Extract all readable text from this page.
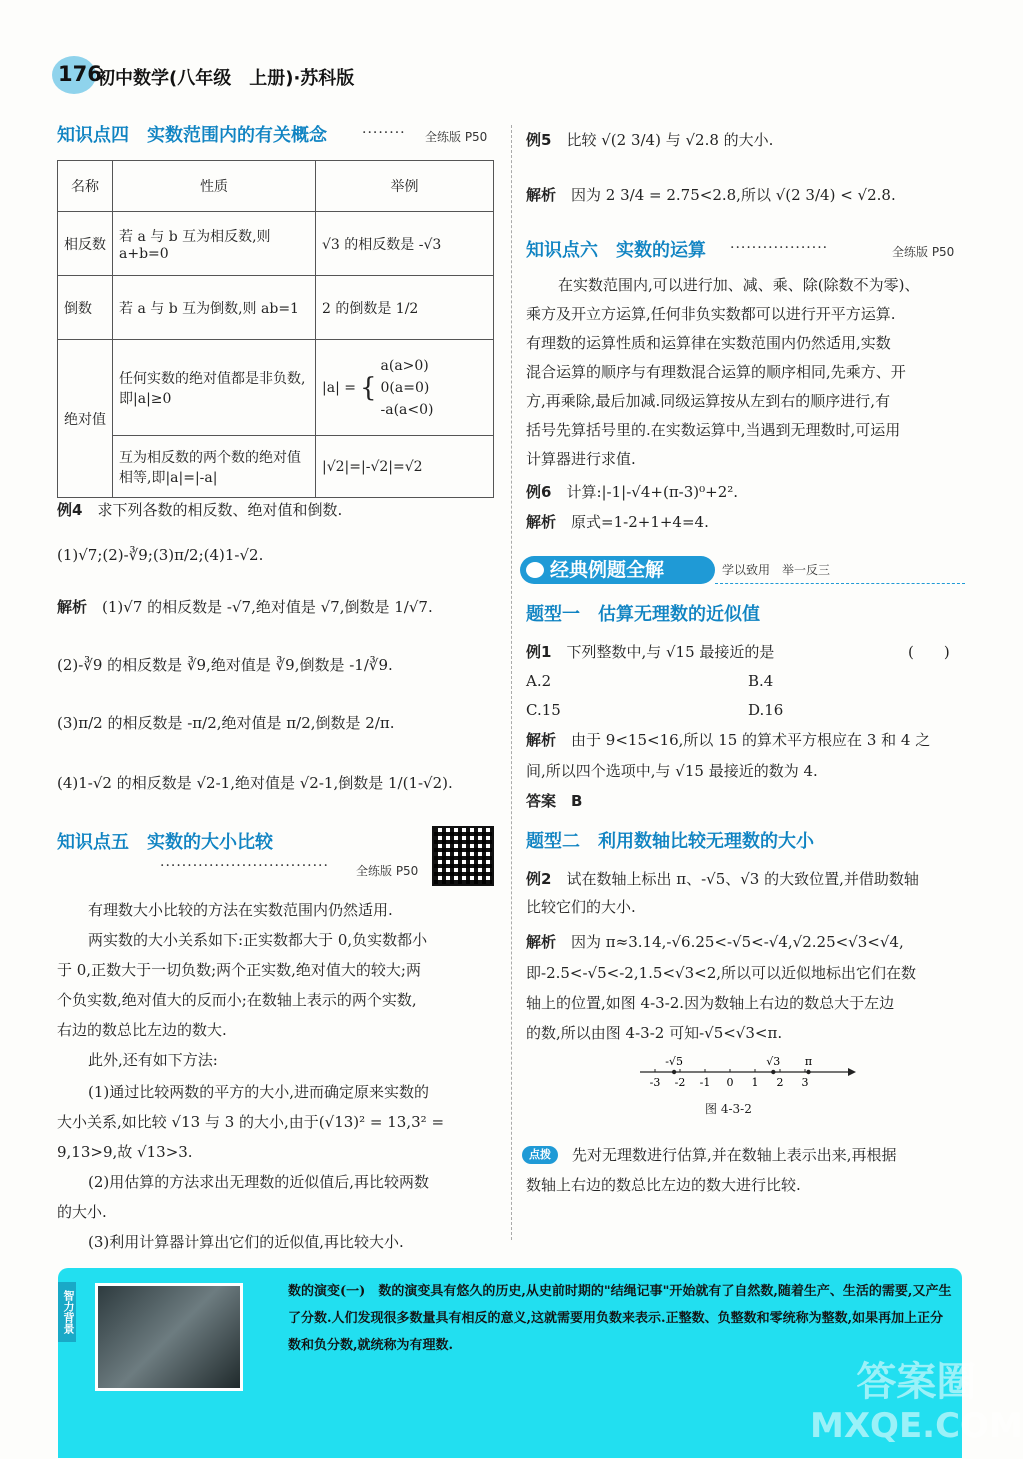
176
初中数学(八年级　上册)·苏科版
知识点四　实数范围内的有关概念	········ 全练版 P50
名称	性质	举例
相反数	若 a 与 b 互为相反数,则 a+b=0	√3 的相反数是 -√3
倒数	若 a 与 b 互为倒数,则 ab=1	2 的倒数是 1/2
绝对值	任何实数的绝对值都是非负数,即|a|≥0	|a| = {
a(a>0)
0(a=0)
-a(a<0)

	互为相反数的两个数的绝对值相等,即|a|=|-a|	|√2|=|-√2|=√2
例4　 求下列各数的相反数、绝对值和倒数.
(1)√7;(2)-∛9;(3)π/2;(4)1-√2.
解析　 (1)√7 的相反数是 -√7,绝对值是 √7,倒数是 1/√7.
(2)-∛9 的相反数是 ∛9,绝对值是 ∛9,倒数是 -1/∛9.
(3)π/2 的相反数是 -π/2,绝对值是 π/2,倒数是 2/π.
(4)1-√2 的相反数是 √2-1,绝对值是 √2-1,倒数是 1/(1-√2).
知识点五　实数的大小比较
······························· 全练版 P50
有理数大小比较的方法在实数范围内仍然适用.
两实数的大小关系如下:正实数都大于 0,负实数都小
于 0,正数大于一切负数;两个正实数,绝对值大的较大;两
个负实数,绝对值大的反而小;在数轴上表示的两个实数,
右边的数总比左边的数大.
此外,还有如下方法:
(1)通过比较两数的平方的大小,进而确定原来实数的
大小关系,如比较 √13 与 3 的大小,由于(√13)² = 13,3² =
9,13>9,故 √13>3.
(2)用估算的方法求出无理数的近似值后,再比较两数
的大小.
(3)利用计算器计算出它们的近似值,再比较大小.
例5　 比较 √(2 3/4) 与 √2.8 的大小.
解析　 因为 2 3/4 = 2.75<2.8,所以 √(2 3/4) < √2.8.
知识点六　实数的运算 ··················	全练版 P50
在实数范围内,可以进行加、减、乘、除(除数不为零)、
乘方及开立方运算,任何非负实数都可以进行开平方运算.
有理数的运算性质和运算律在实数范围内仍然适用,实数
混合运算的顺序与有理数混合运算的顺序相同,先乘方、开
方,再乘除,最后加减.同级运算按从左到右的顺序进行,有
括号先算括号里的.在实数运算中,当遇到无理数时,可运用
计算器进行求值.
例6　 计算:|-1|-√4+(π-3)⁰+2².
解析　 原式=1-2+1+4=4.
经典例题全解	学以致用　举一反三
题型一　估算无理数的近似值
例1　 下列整数中,与 √15 最接近的是	(　　)
A.2	B.4
C.15	D.16
解析　 由于 9<15<16,所以 15 的算术平方根应在 3 和 4 之
间,所以四个选项中,与 √15 最接近的数为 4.
答案　 B
题型二　利用数轴比较无理数的大小
例2　 试在数轴上标出 π、-√5、√3 的大致位置,并借助数轴
比较它们的大小.
解析　 因为 π≈3.14,-√6.25<-√5<-√4,√2.25<√3<√4,
即-2.5<-√5<-2,1.5<√3<2,所以可以近似地标出它们在数
轴上的位置,如图 4-3-2.因为数轴上右边的数总大于左边
的数,所以由图 4-3-2 可知-√5<√3<π.
-3 -2 -1 0 1 2 3
-√5	√3 π
图 4-3-2
点拨	先对无理数进行估算,并在数轴上表示出来,再根据
数轴上右边的数总比左边的数大进行比较.
智力背景	数的演变(一)　 数的演变具有悠久的历史,从史前时期的"结绳记事"开始就有了自然数,随着生产、生活的需要,又产生了分数.人们发现很多数量具有相反的意义,这就需要用负数来表示.正整数、负整数和零统称为整数,如果再加上正分数和负分数,就统称为有理数.
答案圈
MXQE.COM
